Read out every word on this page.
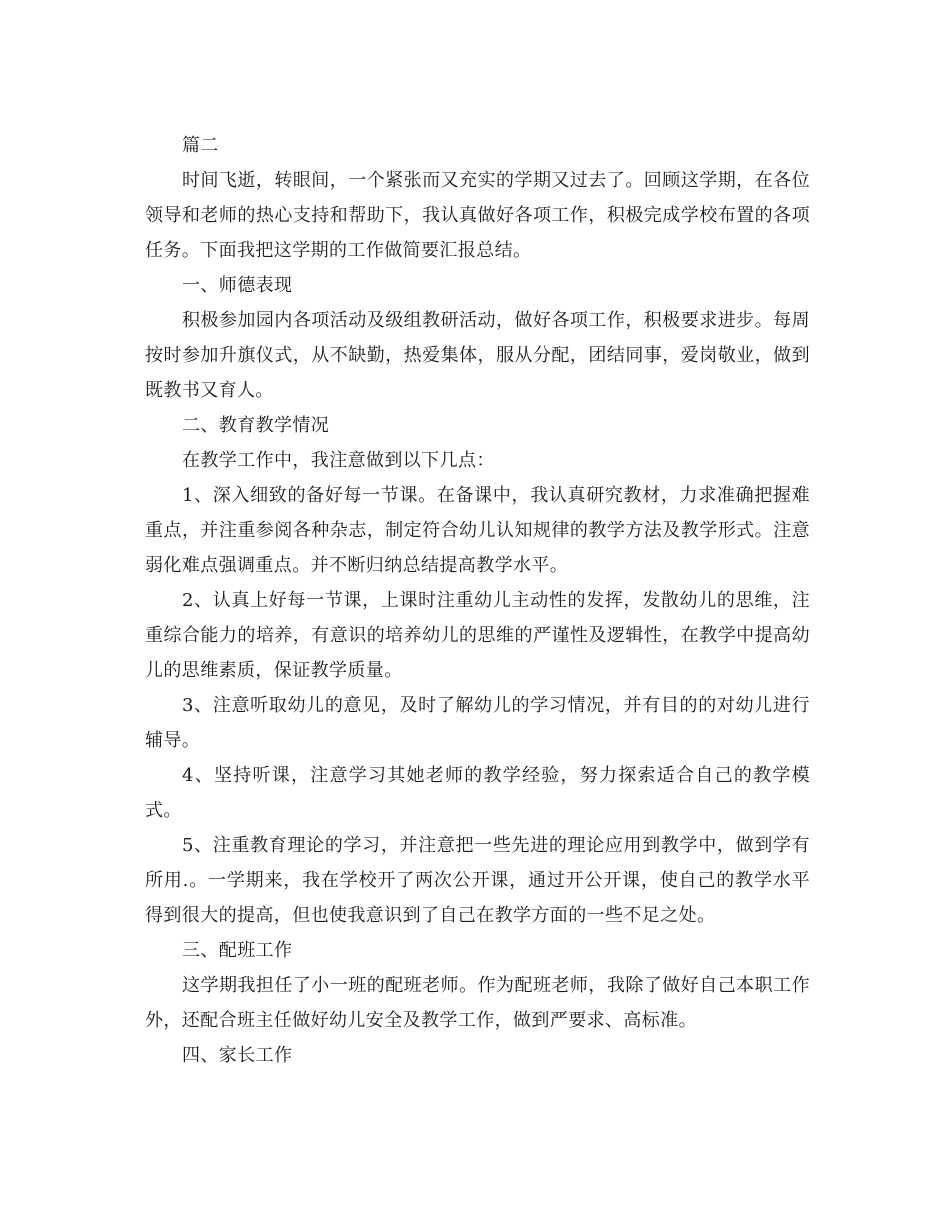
篇二

时间飞逝，转眼间，一个紧张而又充实的学期又过去了。回顾这学期，在各位领导和老师的热心支持和帮助下，我认真做好各项工作，积极完成学校布置的各项任务。下面我把这学期的工作做简要汇报总结。

一、师德表现

积极参加园内各项活动及级组教研活动，做好各项工作，积极要求进步。每周按时参加升旗仪式，从不缺勤，热爱集体，服从分配，团结同事，爱岗敬业，做到既教书又育人。

二、教育教学情况

在教学工作中，我注意做到以下几点：

1、深入细致的备好每一节课。在备课中，我认真研究教材，力求准确把握难重点，并注重参阅各种杂志，制定符合幼儿认知规律的教学方法及教学形式。注意弱化难点强调重点。并不断归纳总结提高教学水平。

2、认真上好每一节课，上课时注重幼儿主动性的发挥，发散幼儿的思维，注重综合能力的培养，有意识的培养幼儿的思维的严谨性及逻辑性，在教学中提高幼儿的思维素质，保证教学质量。

3、注意听取幼儿的意见，及时了解幼儿的学习情况，并有目的的对幼儿进行辅导。

4、坚持听课，注意学习其她老师的教学经验，努力探索适合自己的教学模式。

5、注重教育理论的学习，并注意把一些先进的理论应用到教学中，做到学有所用.。一学期来，我在学校开了两次公开课，通过开公开课，使自己的教学水平得到很大的提高，但也使我意识到了自己在教学方面的一些不足之处。

三、配班工作

这学期我担任了小一班的配班老师。作为配班老师，我除了做好自己本职工作外，还配合班主任做好幼儿安全及教学工作，做到严要求、高标准。

四、家长工作
